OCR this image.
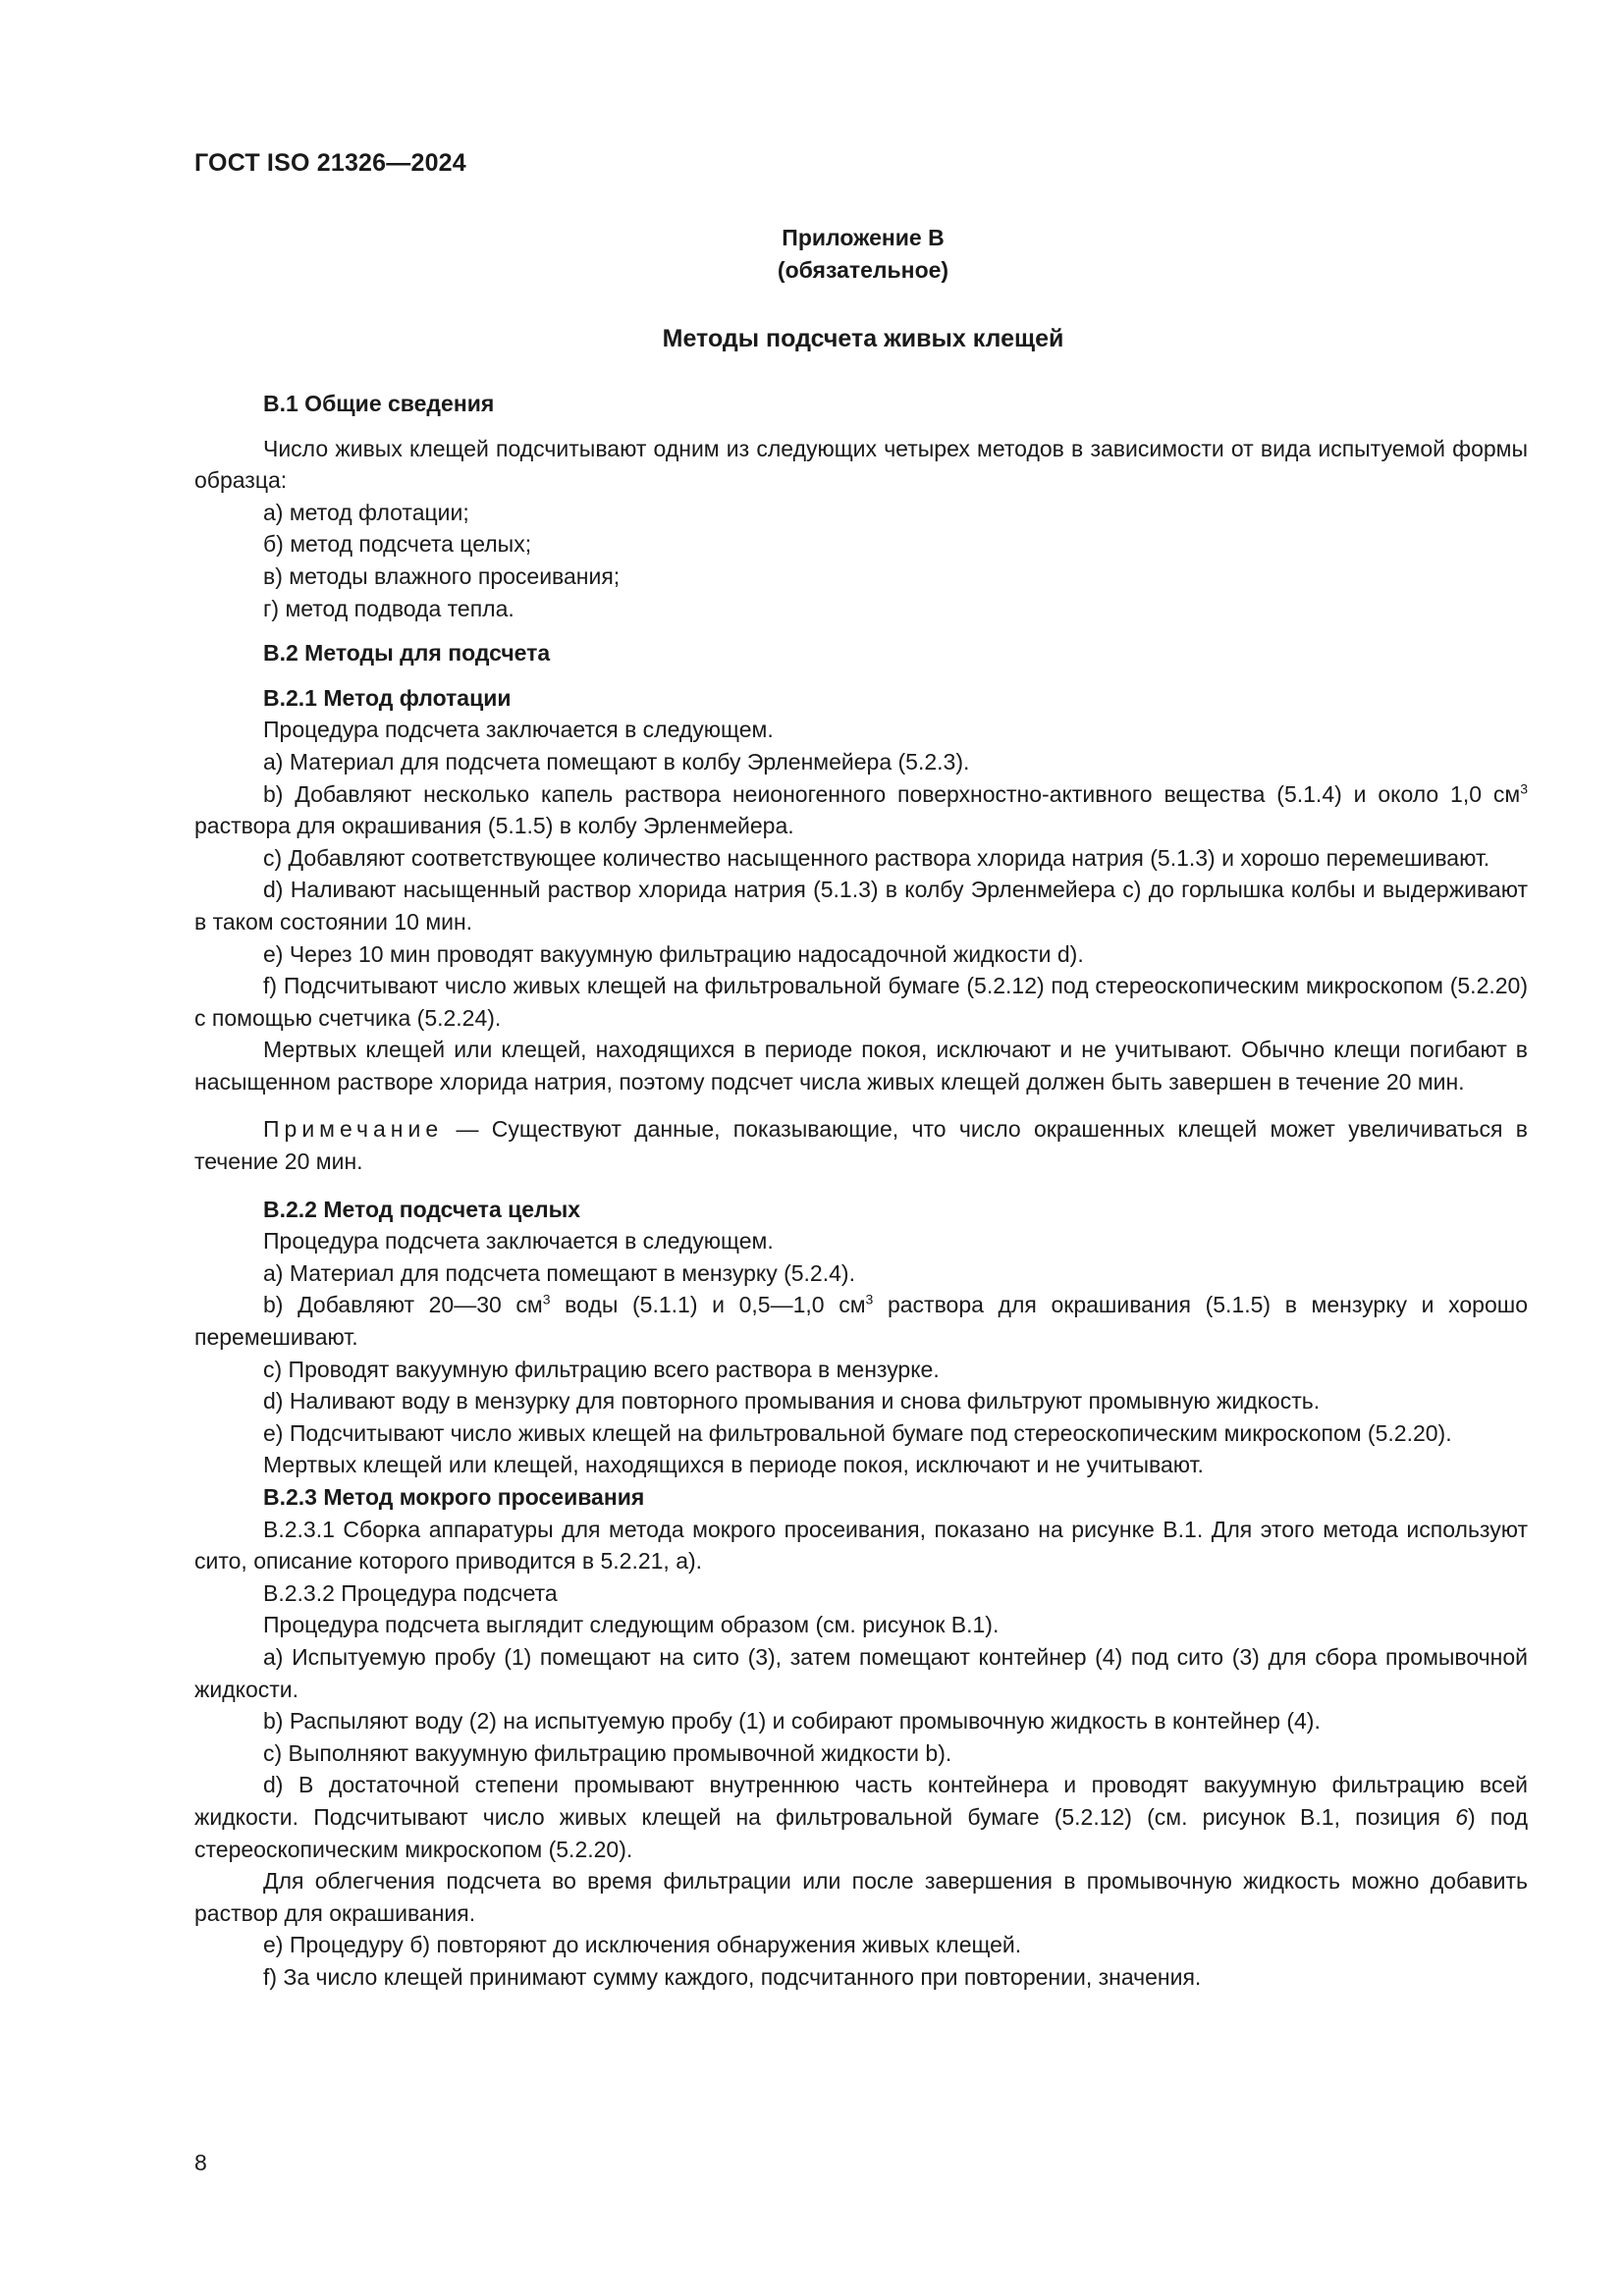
ГОСТ ISO 21326—2024
Приложение В
(обязательное)
Методы подсчета живых клещей
В.1 Общие сведения

Число живых клещей подсчитывают одним из следующих четырех методов в зависимости от вида испытуемой формы образца:

а) метод флотации;

б) метод подсчета целых;

в) методы влажного просеивания;

г) метод подвода тепла.

В.2 Методы для подсчета
В.2.1 Метод флотации

Процедура подсчета заключается в следующем.

a) Материал для подсчета помещают в колбу Эрленмейера (5.2.3).

b) Добавляют несколько капель раствора неионогенного поверхностно-активного вещества (5.1.4) и около 1,0 $см^3$ раствора для окрашивания (5.1.5) в колбу Эрленмейера.

c) Добавляют соответствующее количество насыщенного раствора хлорида натрия (5.1.3) и хорошо перемешивают.

d) Наливают насыщенный раствор хлорида натрия (5.1.3) в колбу Эрленмейера c) до горлышка колбы и выдерживают в таком состоянии 10 мин.

e) Через 10 мин проводят вакуумную фильтрацию надосадочной жидкости d).

f) Подсчитывают число живых клещей на фильтровальной бумаге (5.2.12) под стереоскопическим микроскопом (5.2.20) с помощью счетчика (5.2.24).

Мертвых клещей или клещей, находящихся в периоде покоя, исключают и не учитывают. Обычно клещи погибают в насыщенном растворе хлорида натрия, поэтому подсчет числа живых клещей должен быть завершен в течение 20 мин.

Примечание — Существуют данные, показывающие, что число окрашенных клещей может увеличиваться в течение 20 мин.

В.2.2 Метод подсчета целых

Процедура подсчета заключается в следующем.

a) Материал для подсчета помещают в мензурку (5.2.4).

b) Добавляют 20—30 $см^3$ воды (5.1.1) и 0,5—1,0 $см^3$ раствора для окрашивания (5.1.5) в мензурку и хорошо перемешивают.

c) Проводят вакуумную фильтрацию всего раствора в мензурке.

d) Наливают воду в мензурку для повторного промывания и снова фильтруют промывную жидкость.

e) Подсчитывают число живых клещей на фильтровальной бумаге под стереоскопическим микроскопом (5.2.20).

Мертвых клещей или клещей, находящихся в периоде покоя, исключают и не учитывают.

В.2.3 Метод мокрого просеивания

В.2.3.1 Сборка аппаратуры для метода мокрого просеивания, показано на рисунке В.1. Для этого метода используют сито, описание которого приводится в 5.2.21, а).

В.2.3.2 Процедура подсчета

Процедура подсчета выглядит следующим образом (см. рисунок В.1).

a) Испытуемую пробу (1) помещают на сито (3), затем помещают контейнер (4) под сито (3) для сбора промывочной жидкости.

b) Распыляют воду (2) на испытуемую пробу (1) и собирают промывочную жидкость в контейнер (4).

c) Выполняют вакуумную фильтрацию промывочной жидкости b).

d) В достаточной степени промывают внутреннюю часть контейнера и проводят вакуумную фильтрацию всей жидкости. Подсчитывают число живых клещей на фильтровальной бумаге (5.2.12) (см. рисунок В.1, позиция 6) под стереоскопическим микроскопом (5.2.20).

Для облегчения подсчета во время фильтрации или после завершения в промывочную жидкость можно добавить раствор для окрашивания.

e) Процедуру б) повторяют до исключения обнаружения живых клещей.

f) За число клещей принимают сумму каждого, подсчитанного при повторении, значения.

8
